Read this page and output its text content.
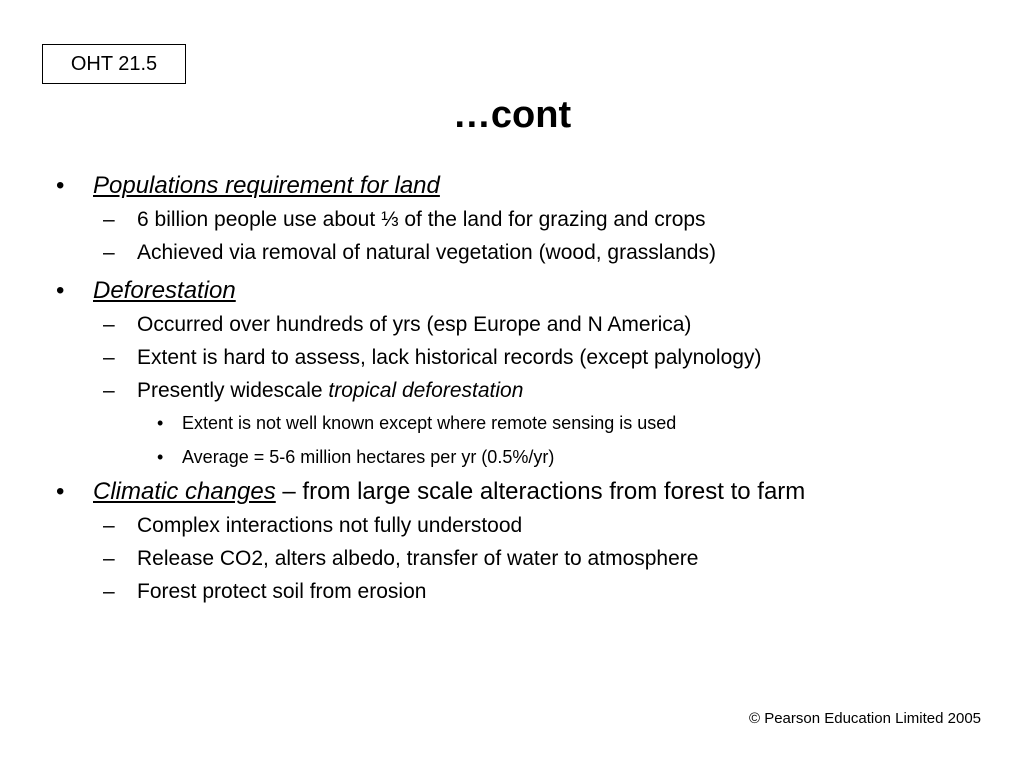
OHT 21.5
…cont
• Populations requirement for land
– 6 billion people use about ⅓ of the land for grazing and crops
– Achieved via removal of natural vegetation (wood, grasslands)
• Deforestation
– Occurred over hundreds of yrs (esp Europe and N America)
– Extent is hard to assess, lack historical records (except palynology)
– Presently widescale tropical deforestation
• Extent is not well known except where remote sensing is used
• Average = 5-6 million hectares per yr (0.5%/yr)
• Climatic changes – from large scale alteractions from forest to farm
– Complex interactions not fully understood
– Release CO2, alters albedo, transfer of water to atmosphere
– Forest protect soil from erosion
© Pearson Education Limited 2005
